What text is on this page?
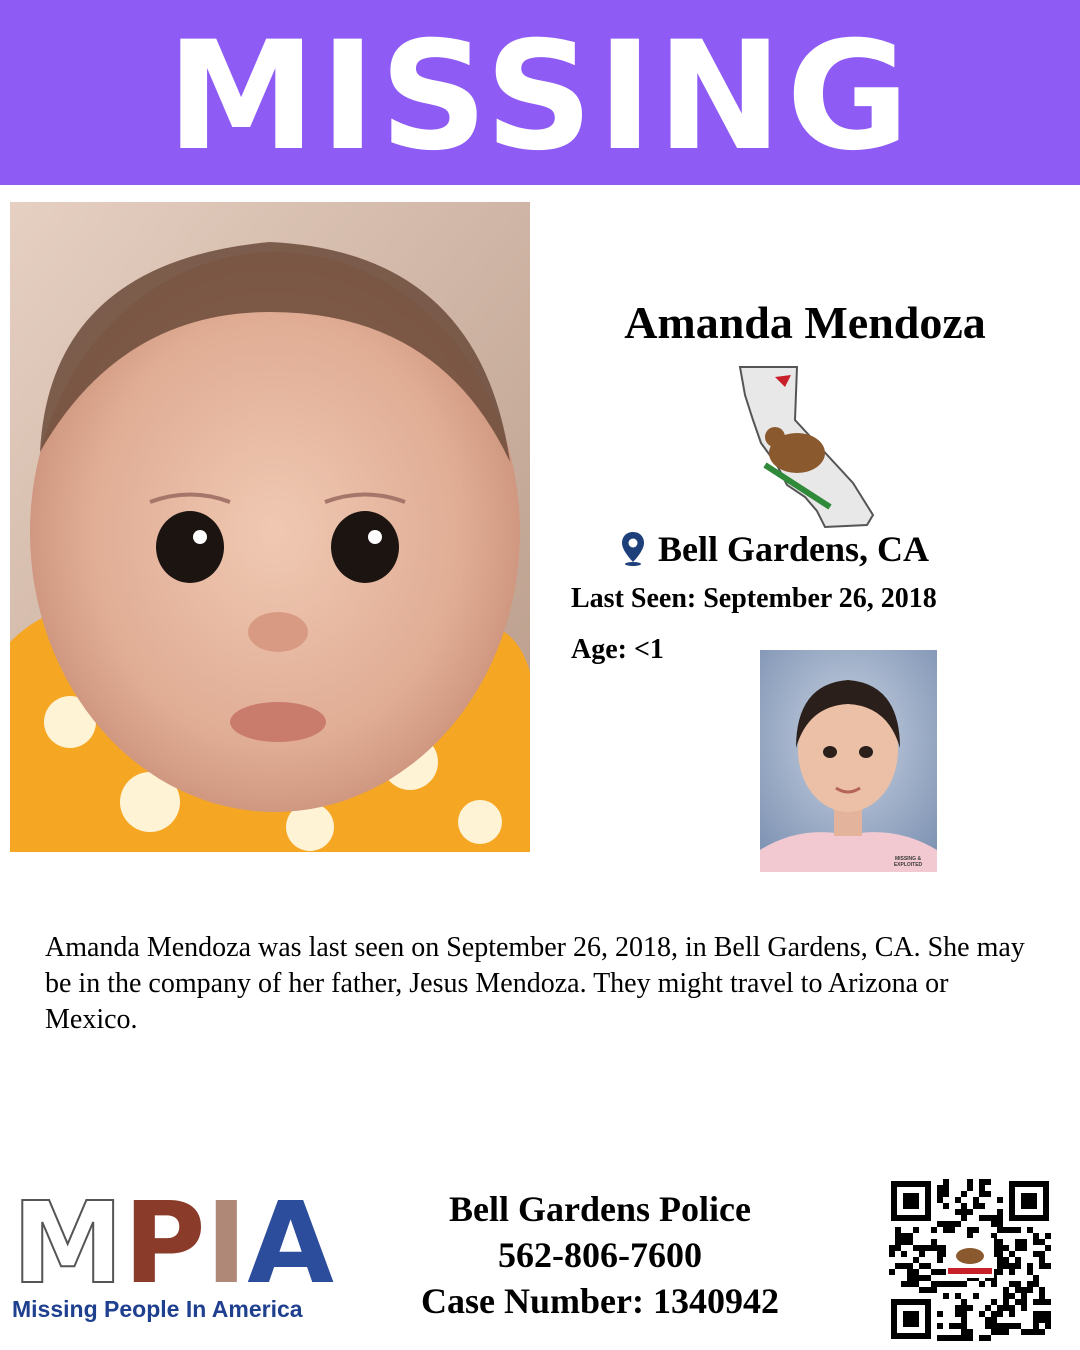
MISSING
Amanda Mendoza
Bell Gardens, CA
Last Seen: September 26, 2018
Age: <1
MISSING & EXPLOITED
Amanda Mendoza was last seen on September 26, 2018, in Bell Gardens, CA. She may be in the company of her father, Jesus Mendoza. They might travel to Arizona or Mexico.
M P I A
Missing People In America
Bell Gardens Police
562-806-7600
Case Number: 1340942
